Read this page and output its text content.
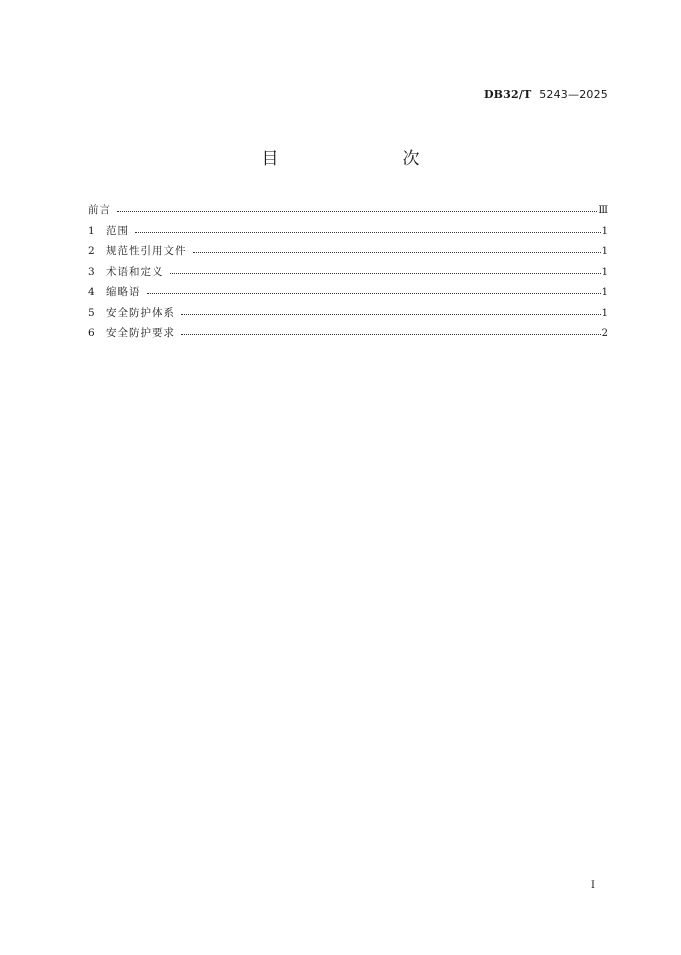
DB32/T 5243—2025
目　　次
前言	Ⅲ
1	范围	1
2	规范性引用文件	1
3	术语和定义	1
4	缩略语	1
5	安全防护体系	1
6	安全防护要求	2
Ⅰ
